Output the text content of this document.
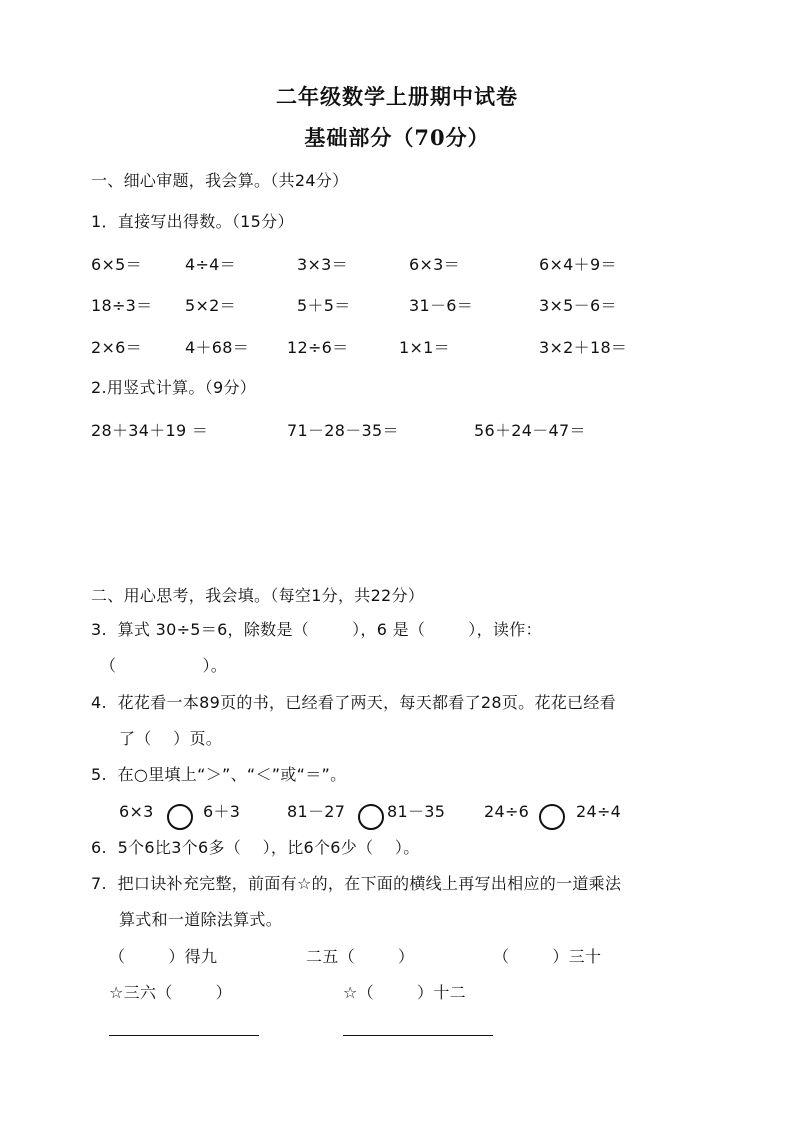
二年级数学上册期中试卷
基础部分（70分）
一、细心审题，我会算。（共24分）
1．直接写出得数。（15分）
6×5＝	4÷4＝	3×3＝	6×3＝	6×4＋9＝
18÷3＝ 5×2＝	5＋5＝	31－6＝	3×5－6＝
2×6＝	4＋68＝ 12÷6＝	1×1＝	3×2＋18＝
2.用竖式计算。（9分）
28＋34＋19 ＝	71－28－35＝	56＋24－47＝
二、用心思考，我会填。（每空1分，共22分）
3.  算式 30÷5＝6，除数是（        ），6 是（        ），读作：
（                ）。
4.  花花看一本89页的书，已经看了两天，每天都看了28页。花花已经看
了（    ）页。
5.  在○里填上“＞”、“＜”或“＝”。
6×3	6＋3	81－27	81－35 24÷6	24÷4
6.  5个6比3个6多（    ），比6个6少（    ）。
7.  把口诀补充完整，前面有☆的，在下面的横线上再写出相应的一道乘法
算式和一道除法算式。
（        ）得九	二五（        ）	（        ）三十
☆三六（        ）	☆（        ）十二
